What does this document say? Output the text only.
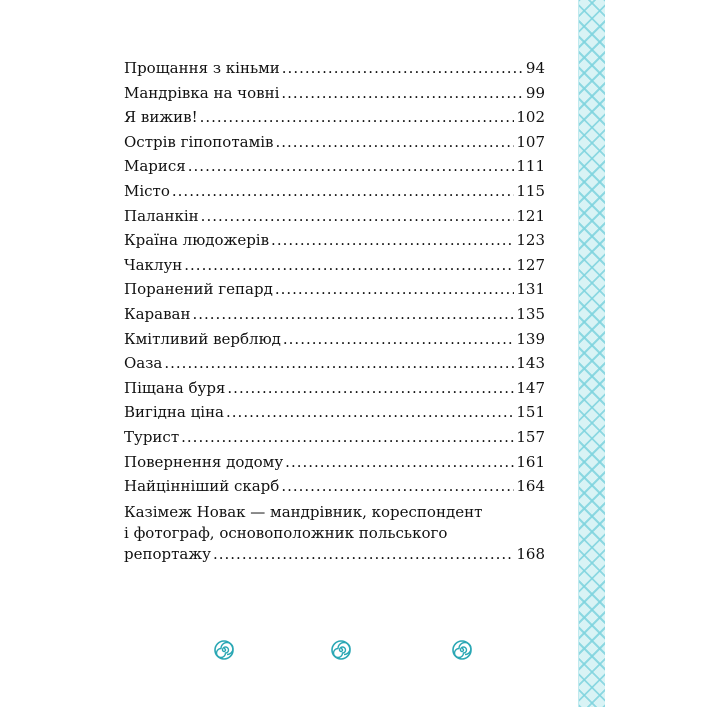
Прощання з кіньми .....	94
Мандрівка на човні .....	99
Я вижив! .....	102
Острів гіпопотамів .....	107
Марися .....	111
Місто .....	115
Паланкін .....	121
Країна людожерів .....	123
Чаклун .....	127
Поранений гепард .....	131
Караван .....	135
Кмітливий верблюд .....	139
Оаза .....	143
Піщана буря .....	147
Вигідна ціна .....	151
Турист .....	157
Повернення додому .....	161
Найцінніший скарб .....	164
Казімеж Новак — мандрівник, кореспондент
і фотограф, основоположник польського
репортажу .....	168
